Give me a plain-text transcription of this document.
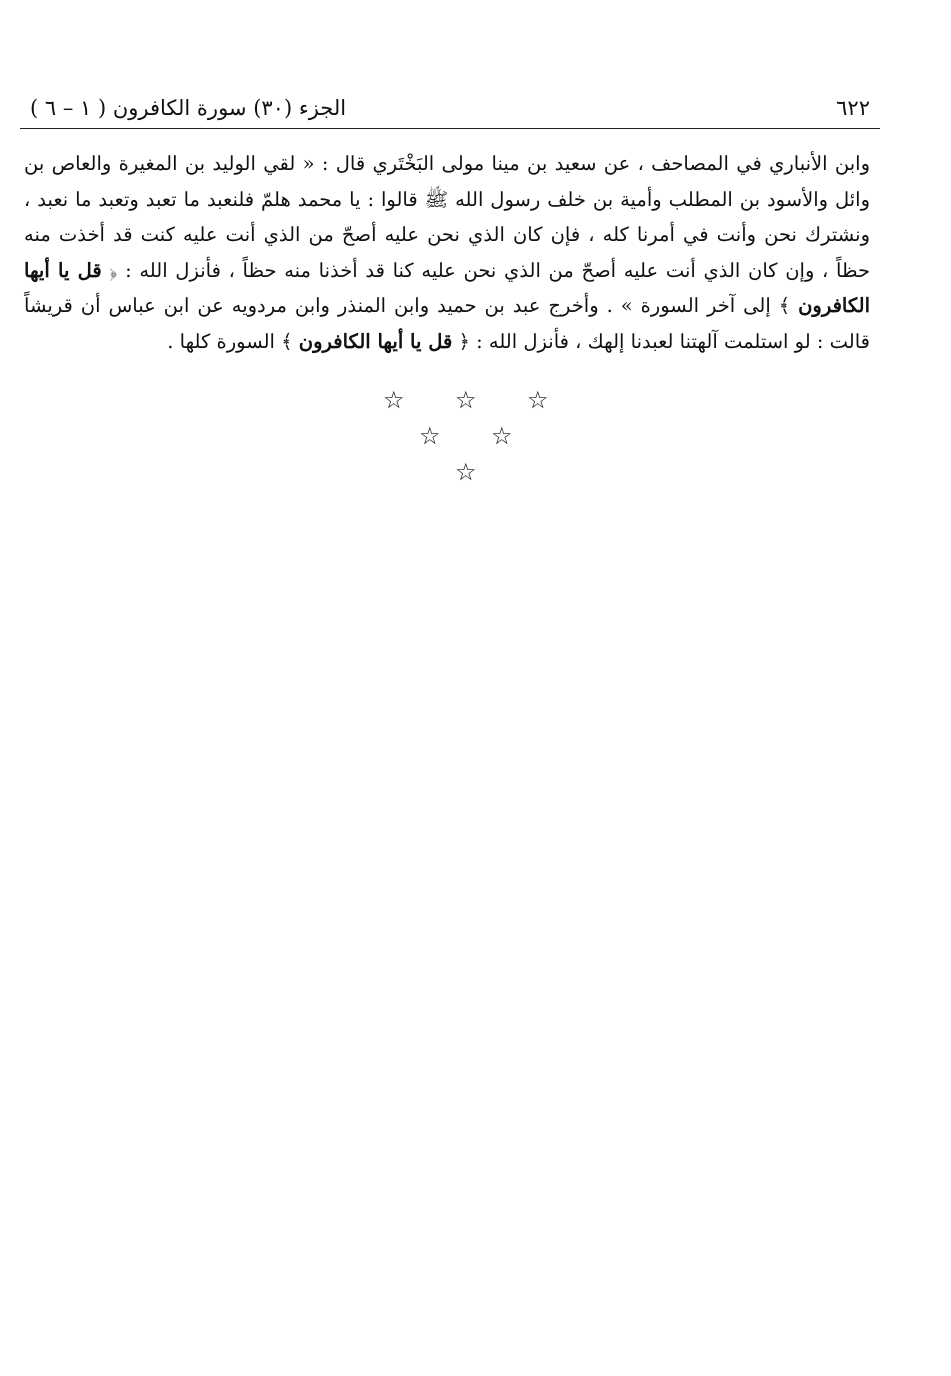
٦٢٢
الجزء (٣٠) سورة الكافرون ( ١ – ٦ )

وابن الأنباري في المصاحف ، عن سعيد بن مينا مولى البَخْتَري قال : « لقي الوليد بن المغيرة والعاص بن وائل والأسود بن المطلب وأمية بن خلف رسول الله ﷺ قالوا : يا محمد هلمّ فلنعبد ما تعبد وتعبد ما نعبد ، ونشترك نحن وأنت في أمرنا كله ، فإن كان الذي نحن عليه أصحّ من الذي أنت عليه كنت قد أخذت منه حظاً ، وإن كان الذي أنت عليه أصحّ من الذي نحن عليه كنا قد أخذنا منه حظاً ، فأنزل الله : ﴿ قل يا أيها الكافرون ﴾ إلى آخر السورة » . وأخرج عبد بن حميد وابن المنذر وابن مردويه عن ابن عباس أن قريشاً قالت : لو استلمت آلهتنا لعبدنا إلهك ، فأنزل الله : ﴿ قل يا أيها الكافرون ﴾ السورة كلها .

☆ ☆ ☆
☆ ☆
☆
